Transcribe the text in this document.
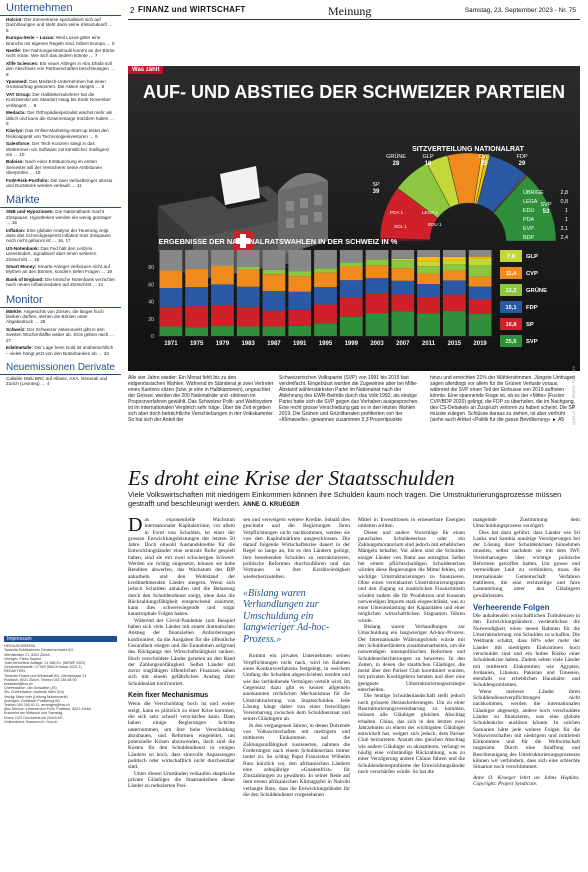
Unternehmen
Holcim: Der Zementriese spezialisiert sich auf Dachlösungen und steht darin seine Klimazukunft … 5
Europa-Serie – Luxus: Weil Luxus-güter eine Branche mit eigenen Regeln sind, brillert Europa … 6
Nestlé: Der Nahrungsmittelmulti kommt an der Börse nicht voran. Wie sich das ändern könnte … 7
Xlife Sciences: Ein neuer Ableger in Abu Dhabi soll den Abschluss von Partnerschaften beschleunigen … 8
Ypsomed: Das Medtech-Unternehmen hat einen Grossauftrag gewonnen. Die Aktien steigen … 8
VAT Group: Der Halbleiterzulieferer hat die Kurszwecke am Standort Haag bis Ende November verlängert … 9
Medacta: Der Orthopädiespezialist wächst mehr als üblich und kann die Gewinnmarge trotzdem halten … 9
Klaviyo: Das Online-Marketing-Start-up testet den Risikoappetit von Technologieinvestoren … 9
Salesforce: Der Tech-Konzern steigt in das Wettrennen um Software mit künstlicher Intelligenz ein … 10
Baloise: Nach einer Enttäuschung im ersten Semester will der Versicherer seine Ambitionen überprüfen … 10
FuW-Risk-Portfolio: Die zwei Verlustbringer Idorsia und DocMorris werden verkauft … 11
Märkte
SNB und Hypozinsen: Die Nationalbank macht Zinspause; Hypotheken werden ein wenig günstiger … 15
Inflation: Eine globale Analyse der Teuerung zeigt, dass das Schreckgespenst Inflation trotz Zinspause noch nicht gebannt ist … 16, 17
US-Notenbank: Das Fed hält den Leitzins unverändert, signalisiert aber einen weiteren Zinsschritt … 18
Smart Money: Smarte Anleger verbrauen nicht auf Mythen an den Börsen, sondern tiefen Fragen … 19
Bank of England: Die britische Notenbank verzichtet nach neuen Inflationsdaten auf Zinsschritt … 21
Monitor
Märkte: Angesichts von Zinsen, die länger hoch bleiben dürften, stehen die Börsen unter Abgabedruck … 28
Schweiz: Der Schweizer Aktienmarkt gibt in den zweiten Wochenhälfte weiter ab. SGS geben nach … 27
Edelmetalle: Der Lage beim Gold ist unübersichtlich – vieles hängt jetzt von den Notenbanken ab … 23
Neuemissionen Derivate
Callable Multi BRC auf Allianz, AXA, Generali und Zurich (Leonteq) … 4
Impressum
HERAUSGEBERIN
Tamedia Publikationen Deutschschweiz AG
Werdstrasse 21, 8004 Zürich
Verleger: Pietro Supino
Total verbreitete Auflage: 21 586 Ex. (WEMF 2023)
Gesamtreichweite: 72 000 (MACH Basic 2022-1)
REDAKTION
Tamedia Finanz und Wirtschaft AG, Werdstrasse 21
Postfach, 8021 Zürich, Telefon 044 248 58 00
redaktion@fuw.ch
Chefredaktor: Jan Schwalbe (JS)
Stv. Chefredaktor: Andreas Kälin (KA)
Verlag: Marc Isler (Leitung Nutzermarkt)
Anzeigen: Goldbach Publishing AG
Telefon 044 248 40 11, anzeigen@fuw.ch
Abo-Service: Leserservice FuW, Postfach, 8021 Zürich
Erscheint am Mittwoch und Samstag
Druck: DZZ Druckzentrum Zürich AG
Onlinedienst: finanzen.ch / fuw.ch
2 FINANZ und WIRTSCHAFT	Meinung	Samstag, 23. September 2023 - Nr. 75
Was zählt
AUF- UND ABSTIEG DER SCHWEIZER PARTEIEN
SITZVERTEILUNG NATIONALRAT
GRÜNE
28
GLP
16
CVP
25
FDP
29
SP
39
SVP
53
PDA 1
SOL 1	EDU 1
LEGA 1
ÜBRIGE	2,8
LEGA	0,8
EDU	1
PDA	1
EVP	2,1
BDP	2,4
ERGEBNISSE DER NATIONALRATSWAHLEN IN DER SCHWEIZ IN %
0
20
40
60
80
1971 1975 1979 1983 1987 1991 1995 1999 2003 2007 2011 2015 2019
7,8 GLP
11,4 CVP
13,2 GRÜNE
15,1 FDP
16,8 SP
25,6 SVP
QUELLE: BFS · GRAFIK: FUW, KES
Alle vier Jahre wieder: Ein Monat fehlt bis zu den eidgenössischen Wahlen. Während im Ständerat je zwei Vertreter eines Kantons sitzen (bzw. je eine in Halbkantonen), ungeachtet der Grösse, werden die 200 Nationalräte und -rätinnen im Proporzverfahren gewählt. Das Schweizer Polit- und Wahlsystem ist im internationalen Vergleich sehr träge. Über die Zeit ergeben sich aber doch beträchtliche Verschiebungen in der Volkskammer. So hat sich der Anteil der
Schweizerischen Volkspartei (SVP) von 1991 bis 2015 fast verdreifacht. Eingebüsst wurden die Zugewinne aber bei Mitte-Abstand wählerstärksten Partei im Nationalrat nach der Ablehnung des EWR-Beitritts durch das Volk 1992; als einzige Partei hatte sich die SVP gegen das Vorhaben ausgesprochen. Eine recht grosse Verschiebung gab es in den letzten Wahlen 2019: Die Grünen und Grünliberalen profitierten von der «Klimawelle», gewannen zusammen 9,3 Prozentpunkte
hinzu und erreichten 21% der Wählerstimmen. Jüngste Umfragen sagen allerdings vor allem für die Grünen Verluste voraus, während die SVP einen Teil der Einbusse von 2019 aufholen könnte. Eine spannende Frage ist, ob es der «Mitte» (Fusion CVP/BDP 2020) gelingt, die FDP zu überholen, die im Nachgang des CS-Debakels an Zuspruch verloren zu haben scheint. Die SP müsste zulegen. Schlüsse daraus zu ziehen, ist aber verfrüht (siehe auch Artikel «Politik für die ganze Bevölkerung» ► A5
Es droht eine Krise der Staatsschulden
Viele Volkswirtschaften mit niedrigem Einkommen können ihre Schulden kaum noch tragen. Die Umstrukturierungsprozesse müssen gestrafft und beschleunigt werden. ANNE O. KRUEGER

Das exponentielle Wachstum internationaler Kapitalströme, vor allem in Form von Schulden, ist einer der grossen Entwicklungsleistungen der letzten 50 Jahre. Doch obwohl Auslandskredite für die Entwicklungsländer eine zentrale Rolle gespielt haben, sind sie mit zwei schwierigen Schwert. Werden sie richtig eingesetzt, können sie hohe Renditen abwerfen, das Wachstum des BIP ankurbeln und den Wohlstand der kreditnehmenden Länder steigern. Wenn sich jedoch Schulden anhäufen und die Belastung durch den Schuldendienst steigt, ohne dass die Rückzahlungsfähigkeit entsprechend zunimmt, kann dies schwerwiegende und sogar katastrophale Folgen haben.

Während der Covid-Pandemie zum Beispiel haben sich viele Länder mit einem dramatischen Anstieg der finanziellen Anforderungen konfrontiert, da die Ausgaben für die öffentliche Gesundheit stiegen und die Einnahmen aufgrund des Rückgangs der Wirtschaftstätigkeit sanken. Hoch verschuldete Länder gerieten an den Rand der Zahlungsunfähigkeit. Selbst Länder mit zuvor tragfähigen öffentlichen Finanzen sahen sich mit einem gefährlichen Anstieg ihrer Schuldenlast konfrontiert.

Kein fixer Mechanismus

Wenn die Verschuldung hoch ist und weiter steigt, kann es plötzlich zu einer Krise kommen, die sich sehr schnell verschärfen kann. Dann haben einige Regierungen Schritte unternommen, um ihre hohe Verschuldung abzubauen, und Reformen eingeleitet, um potenzielle Krisen abzuwenden, doch sind die Kosten für den Schuldendienst in einigen Ländern so hoch, dass sinnvolle Anpassungen politisch oder wirtschaftlich nicht durchsetzbar sind.

Unter diesen Umständen verkaufen skeptische private Gläubiger die Staatsanleihen dieser Länder zu reduzierten Prei-

sen und verweigern weitere Kredite. Sobald dies geschieht und die Regierungen ihren Verpflichtungen nicht nachkommen, werden sie von den Kapitalmärkten ausgeschlossen. Die darauf folgende Wirtschaftskrise dauert in der Regel so lange an, bis es den Ländern gelingt, ihre bestehenden Schulden zu restrukturieren, politische Reformen durchzuführen und das Vertrauen in ihre Kreditwürdigkeit wiederherzustellen.

«Bislang waren Verhandlungen zur Umschuldung ein langwieriger Ad-hoc-Prozess.»

Kommt ein privates Unternehmen seinen Verpflichtungen nicht nach, wird im Rahmen eines Konkursverfahrens festgelegt, in welchem Umfang die Schulden abgeschrieben werden und wie das verbleibende Vermögen verteilt wird. Im Gegensatz dazu gibt es keinen allgemein anerkannten rechtlichen Mechanismus für die Umstrukturierung von Staatsschulden. Jede Lösung hängt daher von einer freiwilligen Vereinbarung zwischen dem Schuldnerstaat und seinen Gläubigern ab.

In den vergangenen Jahren, in denen Dutzende von Volkswirtschaften mit niedrigem und mittlerem Einkommen auf die Zahlungsunfähigkeit zusteuerten, nahmen die Forderungen nach einem Schuldenerlass immer lauter zu. So schlug Papst Franziskus Wilhelm Ruto kürzlich vor, den afrikanischen Ländern eine zehnjährige «Gnadenfrist» für Zinszahlungen zu gewähren. In seiner Rede auf dem ersten afrikanischen Klimagipfel in Nairobi verlangte Ruto, dass die Entwicklungsländer für die den Schuldendienst vorgesehenen

Mittel in Investitionen in erneuerbare Energien umleiten sollten.

Dieser und andere Vorschläge für einen pauschalen Schuldenerlass oder ein Zahlungsmoratorium sind jedoch mit erheblichen Mängeln behaftet. Vor allem sind die Schulden einiger Länder von Natur aus untragbar. Selbst bei einem pflichtschuldigen Schuldenerlass würden diese Regierungen die Mittel fehlen, um wichtige Umstrukturierungen zu finanzieren. Ohne einen vereinbarten Umstrukturierungsplan und den Zugang zu zusätzlichen Finanzmitteln würden zudem die für Produktion und Konsum notwendigen Importe stark eingeschränkt, was zu einer Unterauslastung der Kapazitäten und einer möglichen wirtschaftlichen Stagnation führen würde.

Bislang waren Verhandlungen zur Umschuldung ein langwieriger Ad-hoc-Prozess. Der Internationale Währungsfonds würde mit den Schuldnerländern zusammenarbeiten, um die notwendigen innenpolitischen Reformen und Schuldenerleichterungen zu bewerten. In den Zeiten, in denen die staatlichen Gläubiger, die meist über den Pariser Club koordiniert wurden, mit privaten Kreditgebern beraten und über eine geeignete Umstrukturierungsstrategie entscheiden.

Die heutige Schuldenlandschaft stellt jedoch noch grössere Herausforderungen. Um zu einer Restrukturierungsvereinbarung zu kommen, müssen alle Gläubiger gleichen Abschlag erhalten. China, das sich in den letzten zwei Jahrzehnten zu einem der wichtigsten Gläubiger entwickelt hat, weigert sich jedoch, dem Pariser Club beizutreten. Anstatt den gleichen Abschlag wie andere Gläubiger zu akzeptieren, verlangt es häufig eine vollständige Rückzahlung, was zu einer Verzögerung andere Chinas führen und die Schuldendienstprobleme der Entwicklungsländer noch verschärfen würde. So hat die

mangelnde Zustimmung dem Umschuldungsprozess verzögert.

Dies hat dazu geführt, dass Länder wie Sri Lanka und Sambia unnötige Verzögerungen bei der Lösung ihrer Schuldenkrisen hinnehmen mussten, selbst nachdem sie mit dem IWF Vereinbarungen über wichtige politische Reformen getroffen hatten. Um grosse und vermeidbare Leid zu verhindern, muss die internationale Gemeinschaft Verfahren etablieren, die eine rechtzeitige und faire Lastenteilung unter den Gläubigern gewährleisten.

Verheerende Folgen

Die anhaltenden wirtschaftlichen Turbulenzen in den Entwicklungsländern verdeutlichen die Notwendigkeit, einen neuen Rahmen für die Umstrukturierung von Schulden zu schaffen. Die Weltbank schätzt, dass 60% oder mehr der Länder mit niedrigem Einkommen hoch verschuldet sind und ein hohes Risiko einer Schuldenkrise haben. Zudem sehen viele Länder mit mittlerem Einkommen wie Ägypten, Jordanien, Libanon, Pakistan und Tunesien, ebenfalls vor erheblichen Haushalts- und Schuldenproblemen.

Wenn mehrere Länder ihren Schuldendienstverpflichtungen nicht nachkommen, werden die internationalen Gläubiger abgeneigt, andere hoch verschuldete Länder zu finanzieren, was eine globale Schuldenkrise auslösen könnte. In solchen Szenarien hätte jede weitere Folgen für die Volkswirtschaften mit niedrigem und mittlerem Einkommen und für die Weltwirtschaft insgesamt. Durch eine Straffung und Beschleunigung des Umstrukturierungsprozesses können wir verhindern, dass sich eine schlechte Situation noch verschlimmert.

Anne O. Krueger lehrt an Johns Hopkins. Copyright: Project Syndicate.
